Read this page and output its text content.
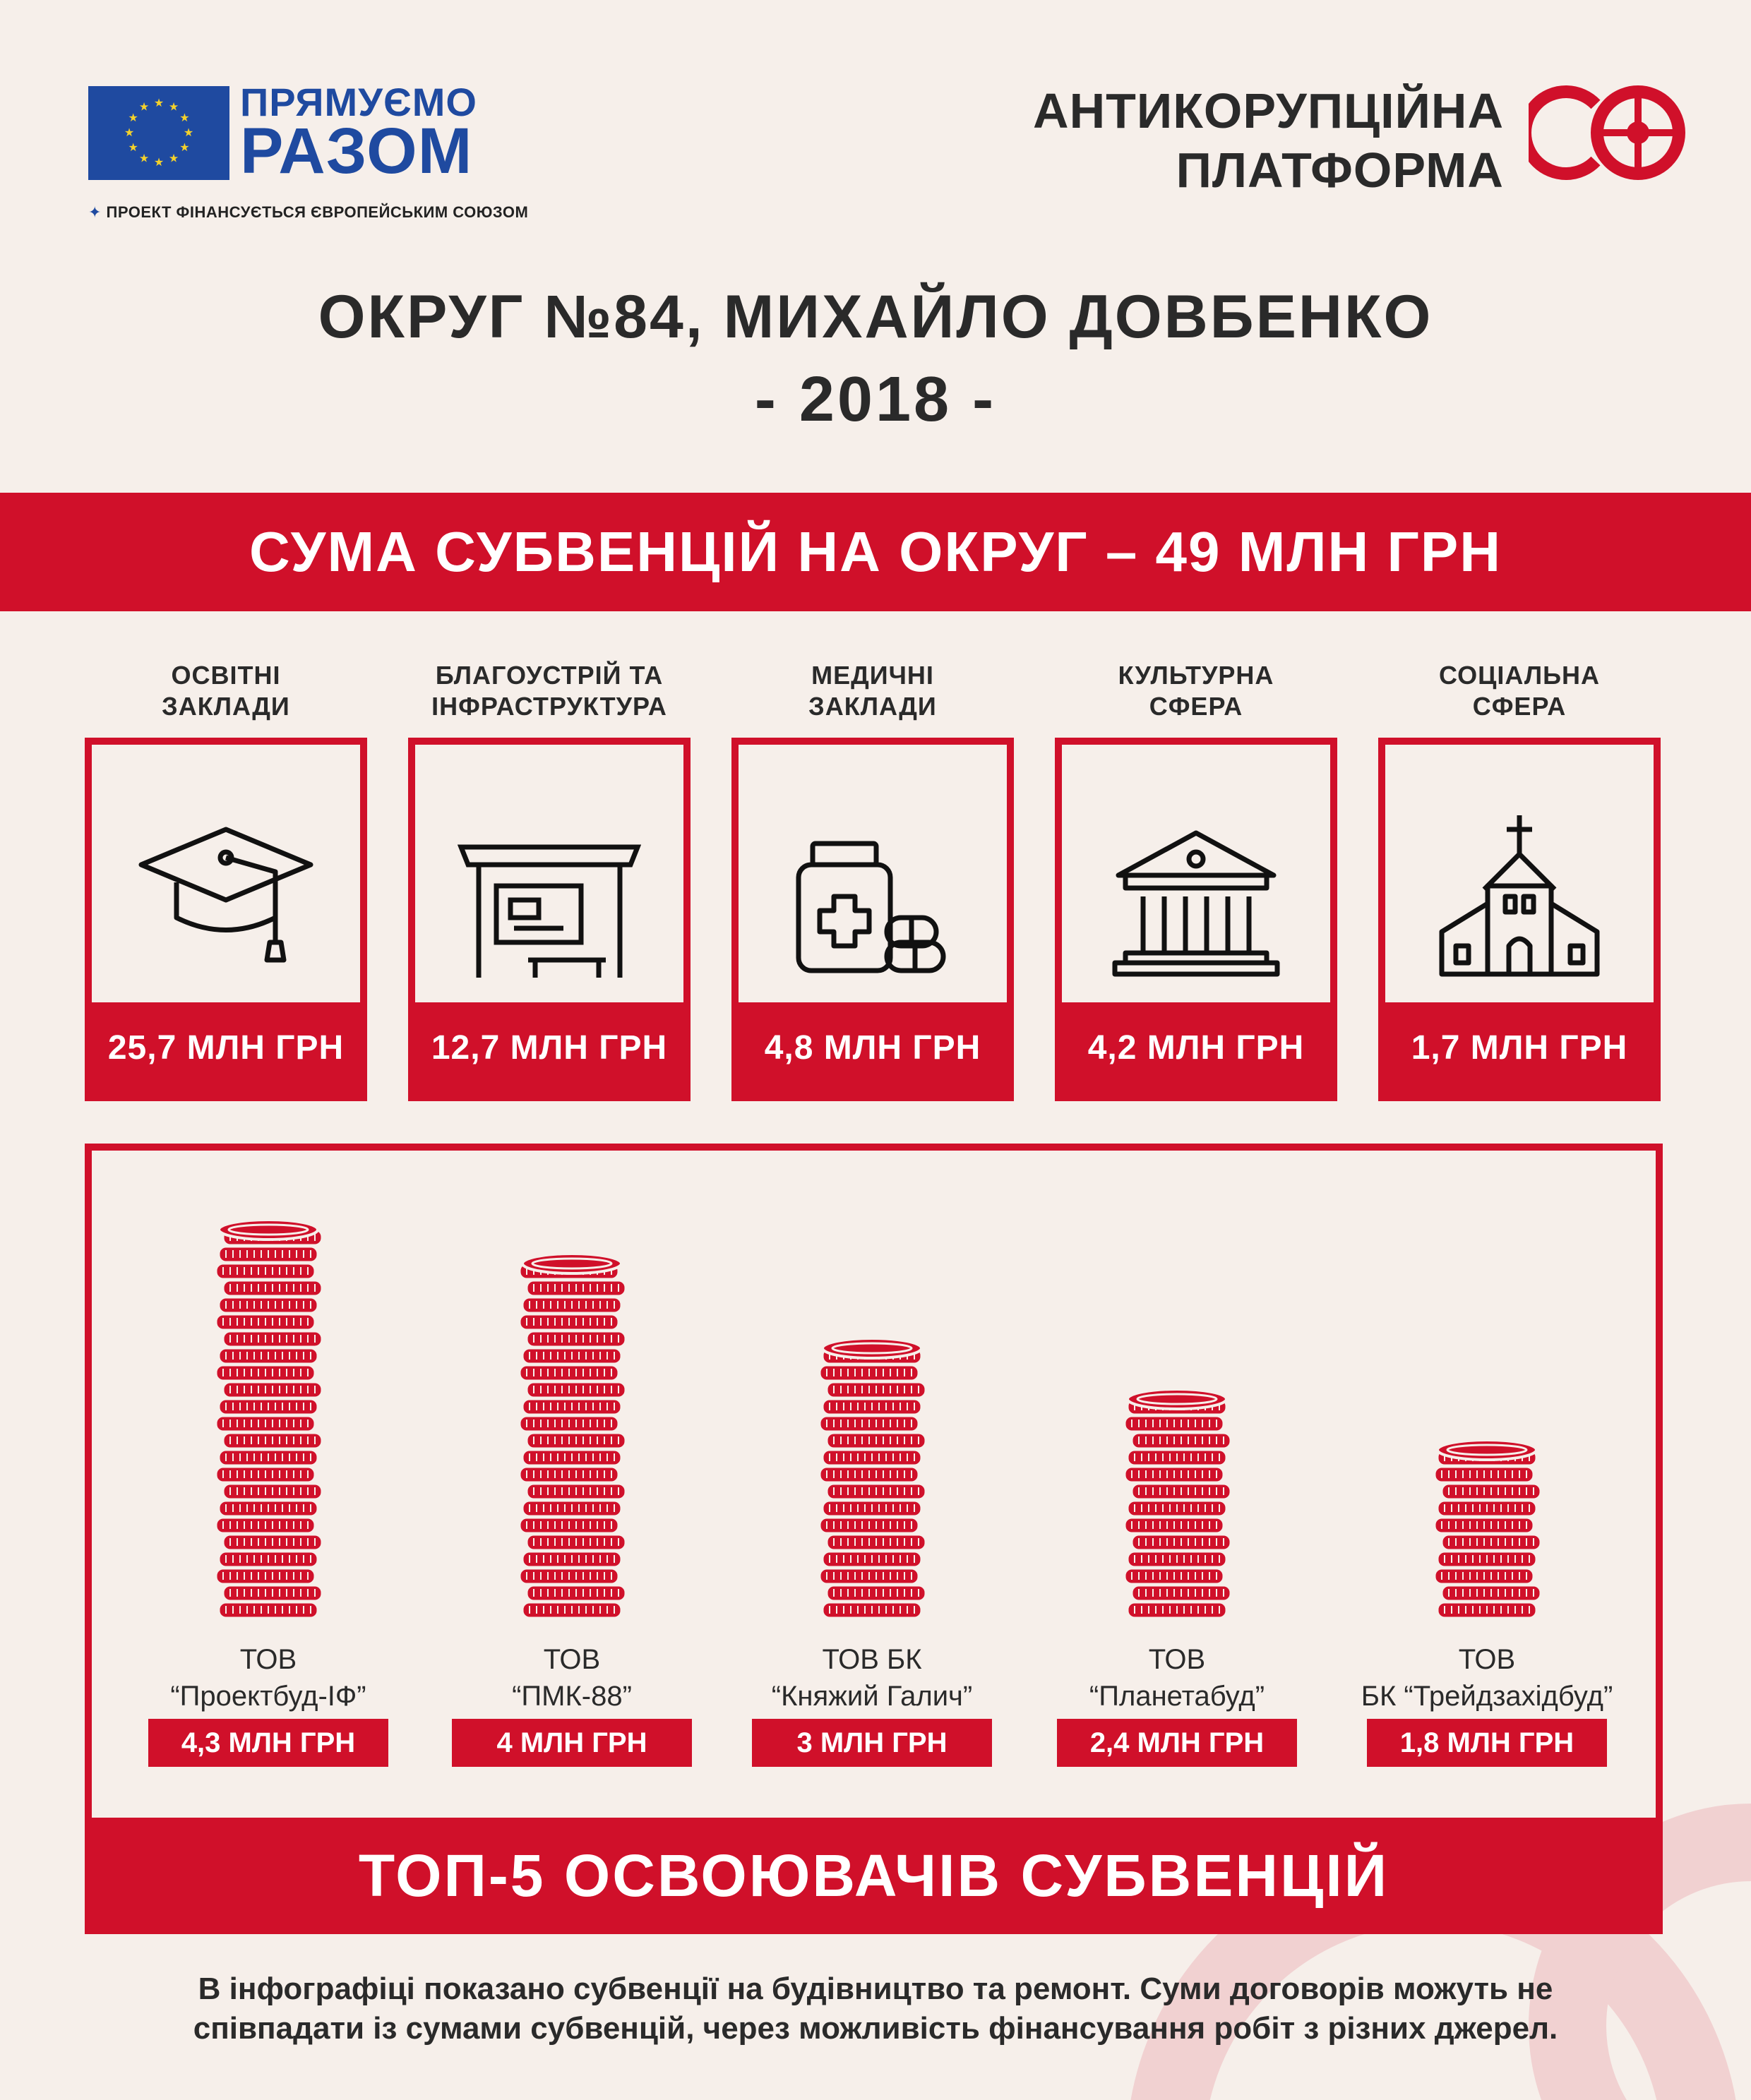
★ ★
★
★
★
★
★
★
★
★
★
★ ПРЯМУЄМО
РАЗОМ
✦ ПРОЕКТ ФІНАНСУЄТЬСЯ ЄВРОПЕЙСЬКИМ СОЮЗОМ
АНТИКОРУПЦІЙНА
ПЛАТФОРМА
ОКРУГ №84, МИХАЙЛО ДОВБЕНКО
- 2018 -
СУМА СУБВЕНЦІЙ НА ОКРУГ – 49 МЛН ГРН
ОСВІТНІ
ЗАКЛАДИ
25,7 МЛН ГРН
БЛАГОУСТРІЙ ТА
ІНФРАСТРУКТУРА
12,7 МЛН ГРН
МЕДИЧНІ
ЗАКЛАДИ
4,8 МЛН ГРН
КУЛЬТУРНА
СФЕРА
4,2 МЛН ГРН
СОЦІАЛЬНА
СФЕРА
1,7 МЛН ГРН
ТОВ
“Проектбуд-ІФ”
4,3 МЛН ГРН
ТОВ
“ПМК-88”
4 МЛН ГРН
ТОВ БК
“Княжий Галич”
3 МЛН ГРН
ТОВ
“Планетабуд”
2,4 МЛН ГРН
ТОВ
БК “Трейдзахідбуд”
1,8 МЛН ГРН
ТОП-5 ОСВОЮВАЧІВ СУБВЕНЦІЙ
В інфографіці показано субвенції на будівництво та ремонт. Суми договорів можуть не
співпадати із сумами субвенцій, через можливість фінансування робіт з різних джерел.
